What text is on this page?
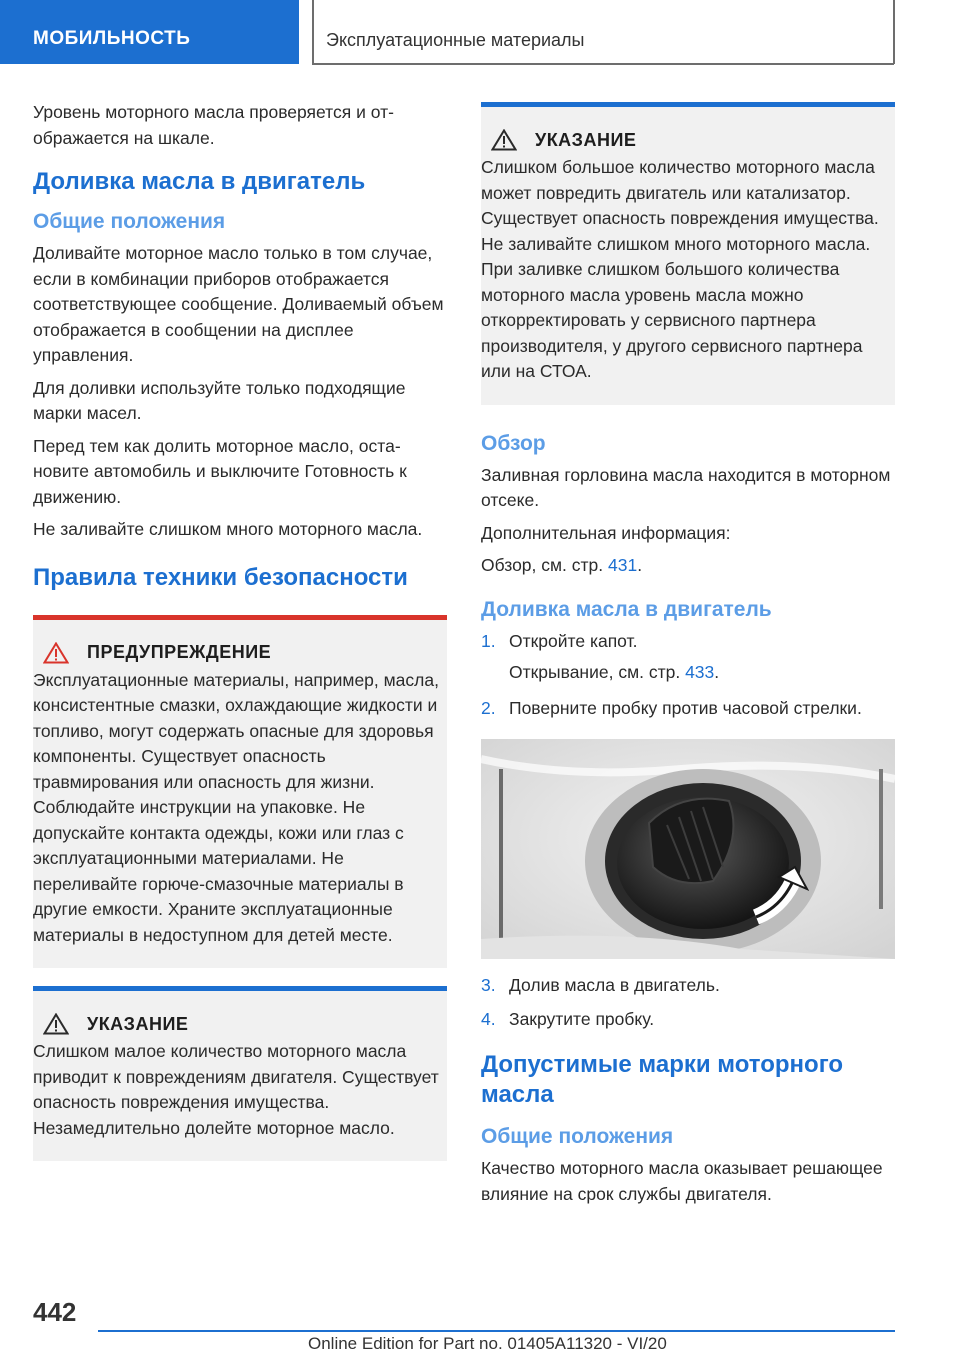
МОБИЛЬНОСТЬ	Эксплуатационные материалы

Уровень моторного масла проверяется и отображается на шкале.

Доливка масла в двигатель
Общие положения

Доливайте моторное масло только в том случае, если в комбинации приборов отображается соответствующее сообщение. Доливаемый объем отображается в сообщении на дисплее управления.

Для доливки используйте только подходящие марки масел.

Перед тем как долить моторное масло, остановите автомобиль и выключите Готовность к движению.

Не заливайте слишком много моторного масла.

Правила техники безопасности
ПРЕДУПРЕЖДЕНИЕ

Эксплуатационные материалы, например, масла, консистентные смазки, охлаждающие жидкости и топливо, могут содержать опасные для здоровья компоненты. Существует опасность травмирования или опасность для жизни. Соблюдайте инструкции на упаковке. Не допускайте контакта одежды, кожи или глаз с эксплуатационными материалами. Не переливайте горюче-смазочные материалы в другие емкости. Храните эксплуатационные материалы в недоступном для детей месте.

УКАЗАНИЕ

Слишком малое количество моторного масла приводит к повреждениям двигателя. Существует опасность повреждения имущества. Незамедлительно долейте моторное масло.

УКАЗАНИЕ

Слишком большое количество моторного масла может повредить двигатель или катализатор. Существует опасность повреждения имущества. Не заливайте слишком много моторного масла. При заливке слишком большого количества моторного масла уровень масла можно откорректировать у сервисного партнера производителя, у другого сервисного партнера или на СТОА.

Обзор

Заливная горловина масла находится в моторном отсеке.

Дополнительная информация:

Обзор, см. стр. 431.

Доливка масла в двигатель
1. Откройте капот.
Открывание, см. стр. 433.
2. Поверните пробку против часовой стрелки.
3. Долив масла в двигатель.
4. Закрутите пробку.
Допустимые марки моторного масла
Общие положения

Качество моторного масла оказывает решающее влияние на срок службы двигателя.

442
Online Edition for Part no. 01405A11320 - VI/20
